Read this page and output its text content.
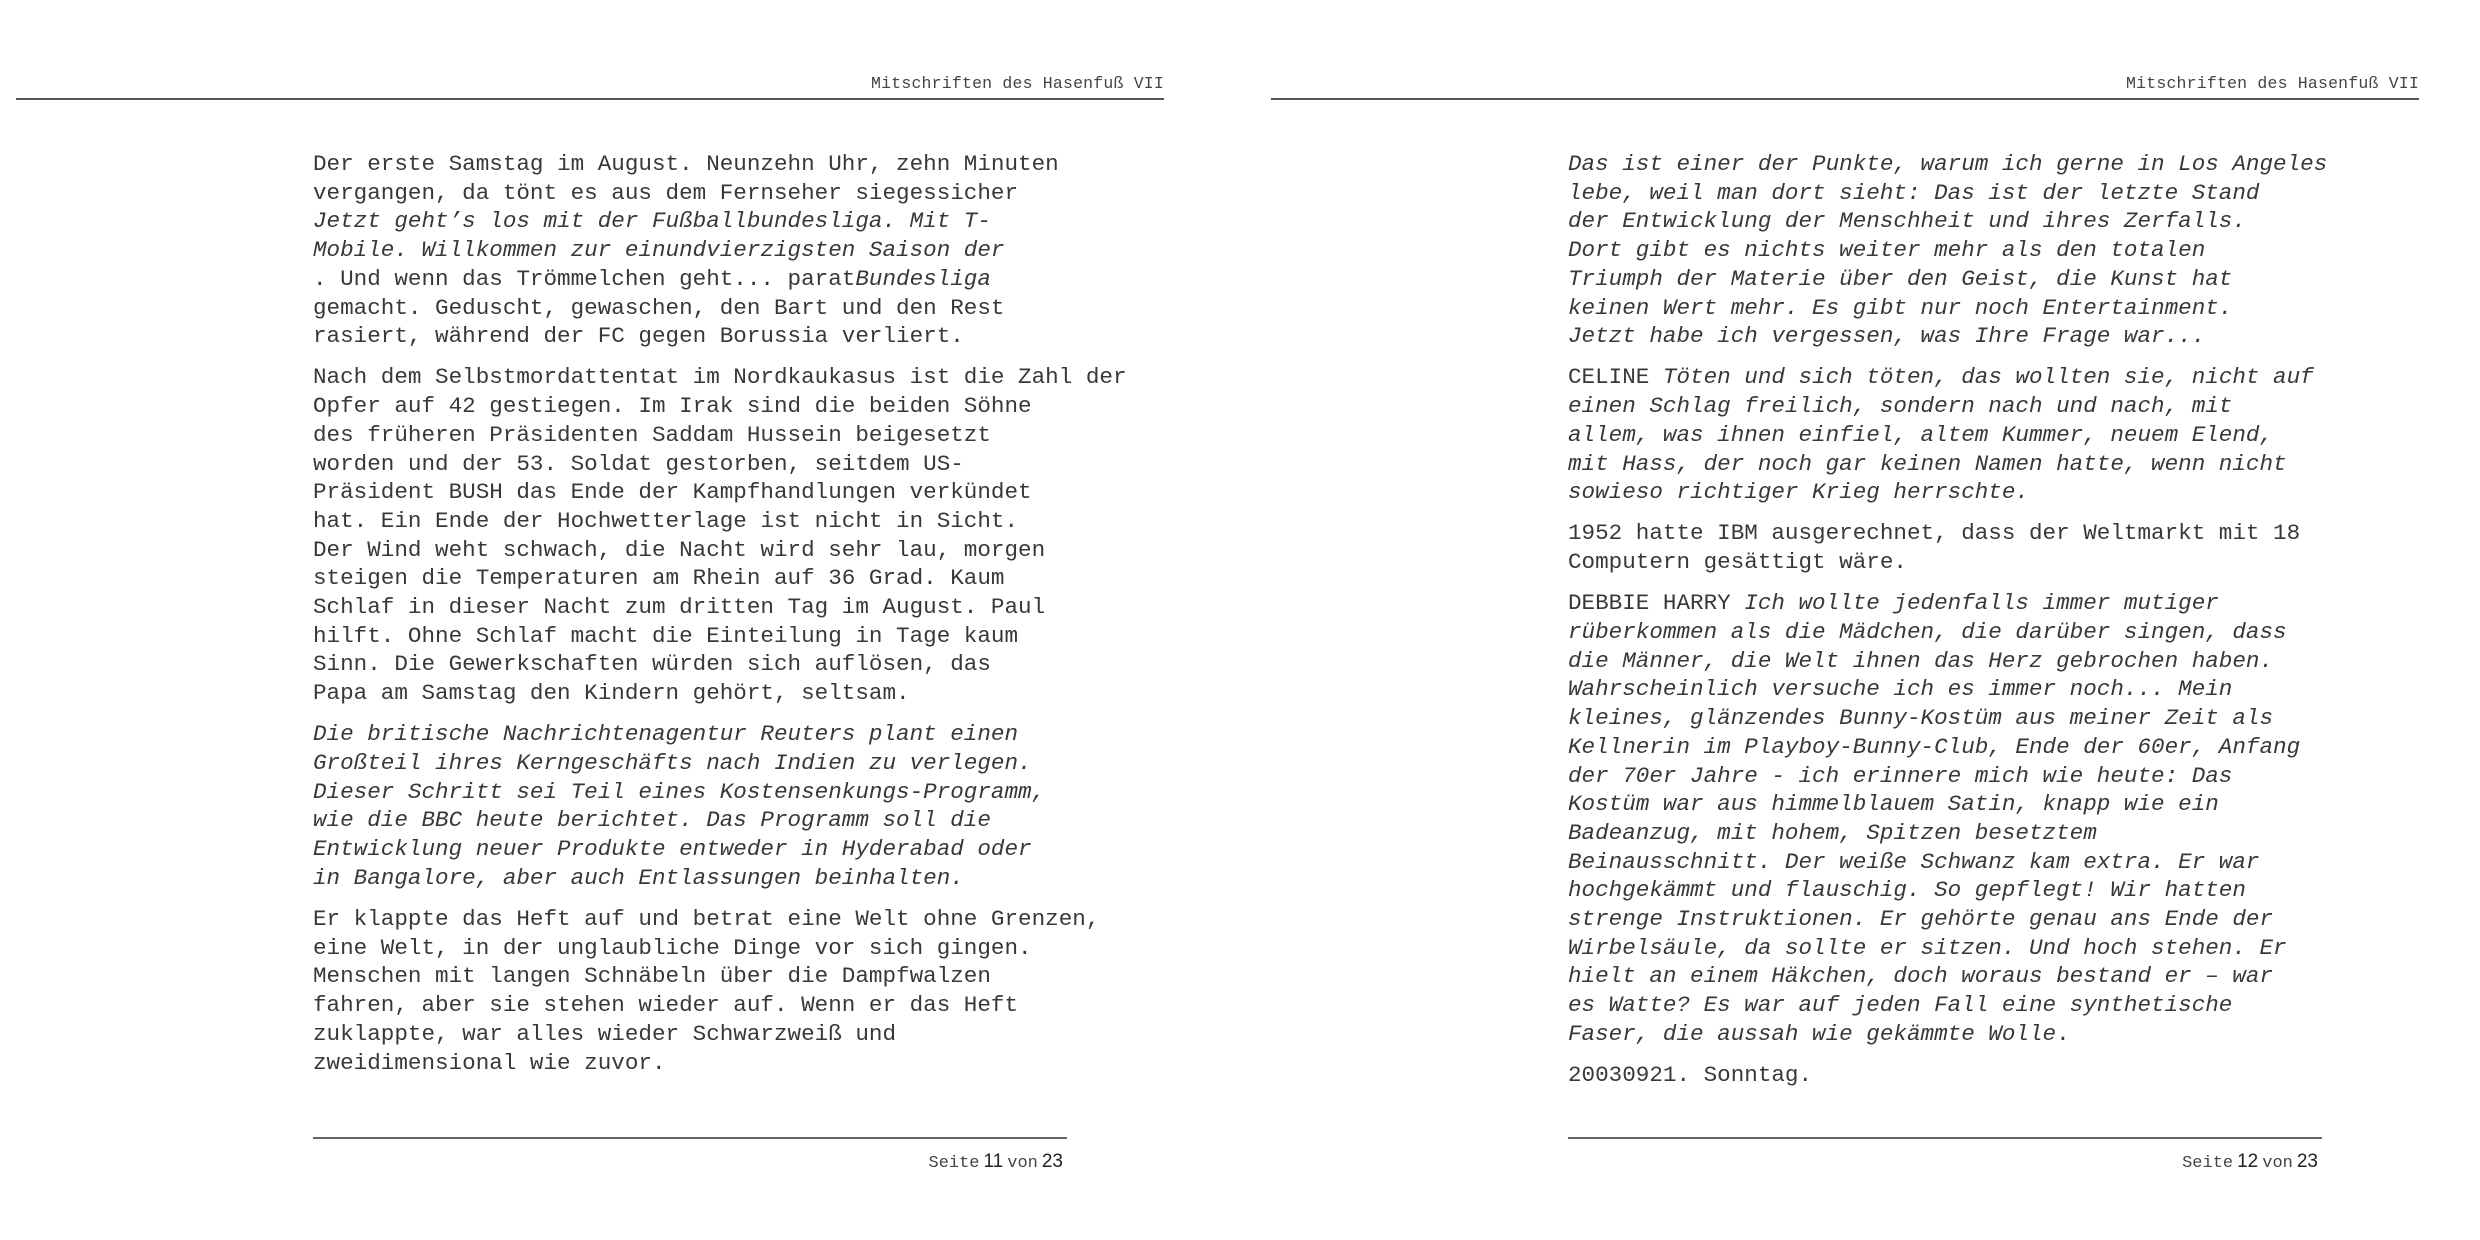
Mitschriften des Hasenfuß VII
Der erste Samstag im August. Neunzehn Uhr, zehn Minuten
vergangen, da tönt es aus dem Fernseher siegessicher
Jetzt geht’s los mit der Fußballbundesliga. Mit T-
Mobile. Willkommen zur einundvierzigsten Saison der
. Und wenn das Trömmelchen geht... paratBundesliga
gemacht. Geduscht, gewaschen, den Bart und den Rest
rasiert, während der FC gegen Borussia verliert.
Nach dem Selbstmordattentat im Nordkaukasus ist die Zahl der
Opfer auf 42 gestiegen. Im Irak sind die beiden Söhne
des früheren Präsidenten Saddam Hussein beigesetzt
worden und der 53. Soldat gestorben, seitdem US-
Präsident BUSH das Ende der Kampfhandlungen verkündet
hat. Ein Ende der Hochwetterlage ist nicht in Sicht.
Der Wind weht schwach, die Nacht wird sehr lau, morgen
steigen die Temperaturen am Rhein auf 36 Grad. Kaum
Schlaf in dieser Nacht zum dritten Tag im August. Paul
hilft. Ohne Schlaf macht die Einteilung in Tage kaum
Sinn. Die Gewerkschaften würden sich auflösen, das
Papa am Samstag den Kindern gehört, seltsam.
Die britische Nachrichtenagentur Reuters plant einen
Großteil ihres Kerngeschäfts nach Indien zu verlegen.
Dieser Schritt sei Teil eines Kostensenkungs-Programm,
wie die BBC heute berichtet. Das Programm soll die
Entwicklung neuer Produkte entweder in Hyderabad oder
in Bangalore, aber auch Entlassungen beinhalten.
Er klappte das Heft auf und betrat eine Welt ohne Grenzen,
eine Welt, in der unglaubliche Dinge vor sich gingen.
Menschen mit langen Schnäbeln über die Dampfwalzen
fahren, aber sie stehen wieder auf. Wenn er das Heft
zuklappte, war alles wieder Schwarzweiß und
zweidimensional wie zuvor.
Seite 11 von 23
Mitschriften des Hasenfuß VII
Das ist einer der Punkte, warum ich gerne in Los Angeles
lebe, weil man dort sieht: Das ist der letzte Stand
der Entwicklung der Menschheit und ihres Zerfalls.
Dort gibt es nichts weiter mehr als den totalen
Triumph der Materie über den Geist, die Kunst hat
keinen Wert mehr. Es gibt nur noch Entertainment.
Jetzt habe ich vergessen, was Ihre Frage war...
CELINE Töten und sich töten, das wollten sie, nicht auf
einen Schlag freilich, sondern nach und nach, mit
allem, was ihnen einfiel, altem Kummer, neuem Elend,
mit Hass, der noch gar keinen Namen hatte, wenn nicht
sowieso richtiger Krieg herrschte.
1952 hatte IBM ausgerechnet, dass der Weltmarkt mit 18
Computern gesättigt wäre.
DEBBIE HARRY Ich wollte jedenfalls immer mutiger
rüberkommen als die Mädchen, die darüber singen, dass
die Männer, die Welt ihnen das Herz gebrochen haben.
Wahrscheinlich versuche ich es immer noch... Mein
kleines, glänzendes Bunny-Kostüm aus meiner Zeit als
Kellnerin im Playboy-Bunny-Club, Ende der 60er, Anfang
der 70er Jahre - ich erinnere mich wie heute: Das
Kostüm war aus himmelblauem Satin, knapp wie ein
Badeanzug, mit hohem, Spitzen besetztem
Beinausschnitt. Der weiße Schwanz kam extra. Er war
hochgekämmt und flauschig. So gepflegt! Wir hatten
strenge Instruktionen. Er gehörte genau ans Ende der
Wirbelsäule, da sollte er sitzen. Und hoch stehen. Er
hielt an einem Häkchen, doch woraus bestand er – war
es Watte? Es war auf jeden Fall eine synthetische
Faser, die aussah wie gekämmte Wolle.
20030921. Sonntag.
Seite 12 von 23
